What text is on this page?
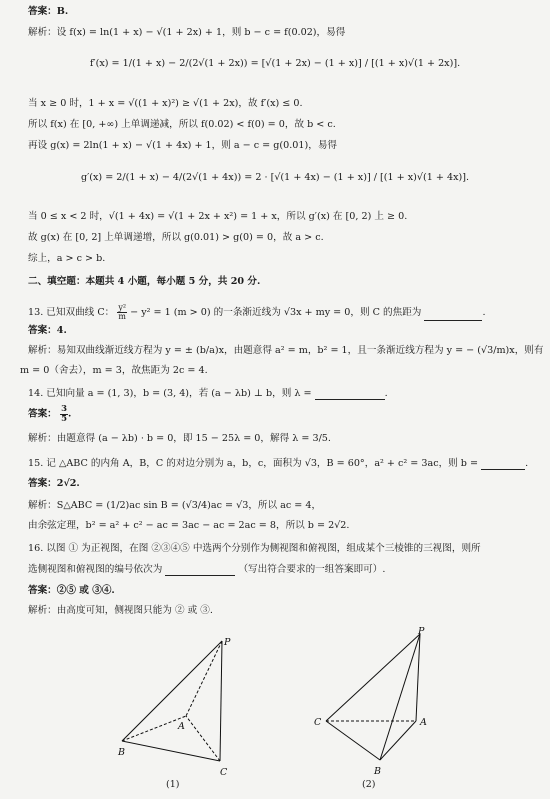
答案：B.
解析：设 f(x) = ln(1 + x) − √(1 + 2x) + 1，则 b − c = f(0.02)，易得
f′(x) = 1/(1 + x) − 2/(2√(1 + 2x)) = [√(1 + 2x) − (1 + x)] / [(1 + x)√(1 + 2x)].
当 x ≥ 0 时，1 + x = √((1 + x)²) ≥ √(1 + 2x)，故 f′(x) ≤ 0.
所以 f(x) 在 [0, +∞) 上单调递减，所以 f(0.02) < f(0) = 0，故 b < c.
再设 g(x) = 2ln(1 + x) − √(1 + 4x) + 1，则 a − c = g(0.01)，易得
g′(x) = 2/(1 + x) − 4/(2√(1 + 4x)) = 2 · [√(1 + 4x) − (1 + x)] / [(1 + x)√(1 + 4x)].
当 0 ≤ x < 2 时，√(1 + 4x) = √(1 + 2x + x²) = 1 + x，所以 g′(x) 在 [0, 2) 上 ≥ 0.
故 g(x) 在 [0, 2] 上单调递增，所以 g(0.01) > g(0) = 0，故 a > c.
综上，a > c > b.
二、填空题：本题共 4 小题，每小题 5 分，共 20 分.
13. 已知双曲线 C： $\frac{\text{y²}}{m} - y^2 = 1$ (m > 0) 的一条渐近线为 √3x + my = 0，则 C 的焦距为	.
答案：4.
解析：易知双曲线渐近线方程为 y = ± (b/a)x，由题意得 a² = m，b² = 1，且一条渐近线方程为 y = − (√3/m)x，则有
m = 0（舍去），m = 3，故焦距为 2c = 4.
14. 已知向量 a = (1, 3)，b = (3, 4)，若 (a − λb) ⊥ b，则 λ =	.
答案： $\frac{3}{5}$ .
解析：由题意得 (a − λb) · b = 0，即 15 − 25λ = 0，解得 λ = 3/5.
15. 记 △ABC 的内角 A，B，C 的对边分别为 a，b，c，面积为 √3，B = 60°，a² + c² = 3ac，则 b =	.
答案：2√2.
解析：S△ABC = (1/2)ac sin B = (√3/4)ac = √3，所以 ac = 4，
由余弦定理，b² = a² + c² − ac = 3ac − ac = 2ac = 8，所以 b = 2√2.
16. 以图 ① 为正视图，在图 ②③④⑤ 中选两个分别作为侧视图和俯视图，组成某个三棱锥的三视图，则所
选侧视图和俯视图的编号依次为	（写出符合要求的一组答案即可）.
答案：②⑤ 或 ③④.
解析：由高度可知，侧视图只能为 ② 或 ③.
P
A
B
C
(1)
P
C	A
B
(2)
